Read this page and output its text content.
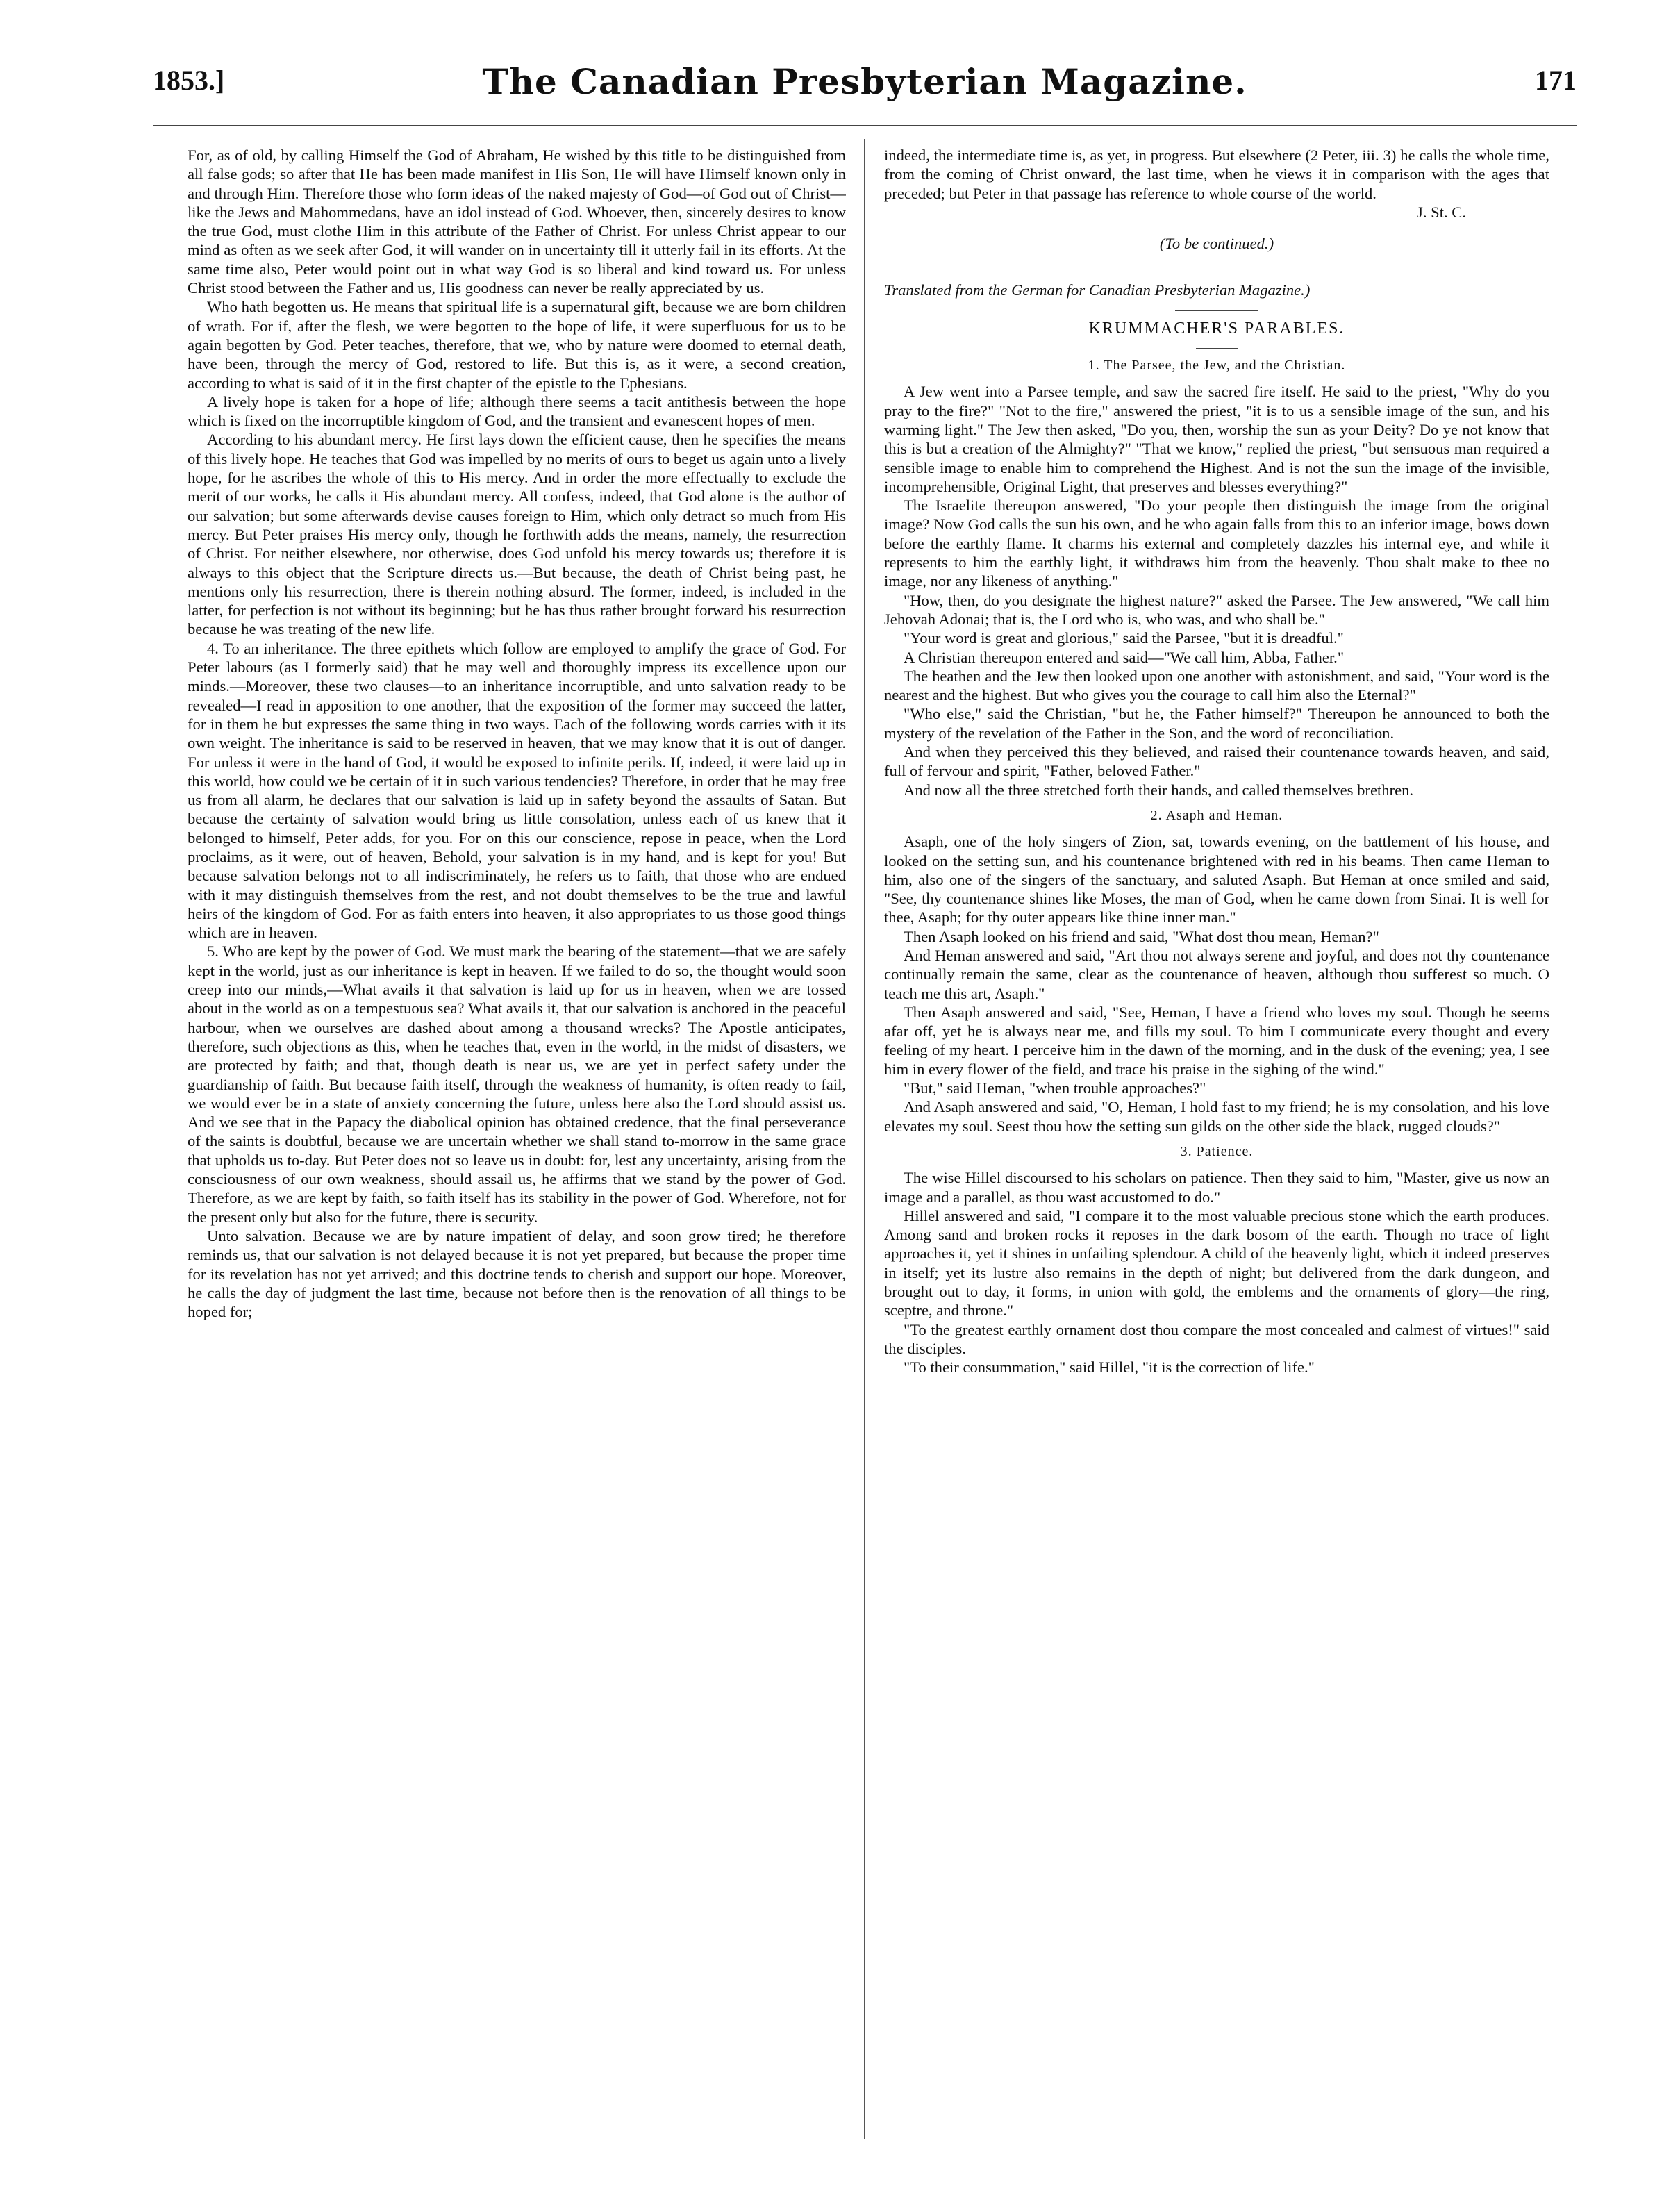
1853.]	The Canadian Presbyterian Magazine.	171

For, as of old, by calling Himself the God of Abraham, He wished by this title to be distinguished from all false gods; so after that He has been made manifest in His Son, He will have Himself known only in and through Him. Therefore those who form ideas of the naked majesty of God—of God out of Christ—like the Jews and Mahommedans, have an idol instead of God. Whoever, then, sincerely desires to know the true God, must clothe Him in this attribute of the Father of Christ. For unless Christ appear to our mind as often as we seek after God, it will wander on in uncertainty till it utterly fail in its efforts. At the same time also, Peter would point out in what way God is so liberal and kind toward us. For unless Christ stood between the Father and us, His goodness can never be really appreciated by us.

Who hath begotten us. He means that spiritual life is a supernatural gift, because we are born children of wrath. For if, after the flesh, we were begotten to the hope of life, it were superfluous for us to be again begotten by God. Peter teaches, therefore, that we, who by nature were doomed to eternal death, have been, through the mercy of God, restored to life. But this is, as it were, a second creation, according to what is said of it in the first chapter of the epistle to the Ephesians.

A lively hope is taken for a hope of life; although there seems a tacit antithesis between the hope which is fixed on the incorruptible kingdom of God, and the transient and evanescent hopes of men.

According to his abundant mercy. He first lays down the efficient cause, then he specifies the means of this lively hope. He teaches that God was impelled by no merits of ours to beget us again unto a lively hope, for he ascribes the whole of this to His mercy. And in order the more effectually to exclude the merit of our works, he calls it His abundant mercy. All confess, indeed, that God alone is the author of our salvation; but some afterwards devise causes foreign to Him, which only detract so much from His mercy. But Peter praises His mercy only, though he forthwith adds the means, namely, the resurrection of Christ. For neither elsewhere, nor otherwise, does God unfold his mercy towards us; therefore it is always to this object that the Scripture directs us.—But because, the death of Christ being past, he mentions only his resurrection, there is therein nothing absurd. The former, indeed, is included in the latter, for perfection is not without its beginning; but he has thus rather brought forward his resurrection because he was treating of the new life.

4. To an inheritance. The three epithets which follow are employed to amplify the grace of God. For Peter labours (as I formerly said) that he may well and thoroughly impress its excellence upon our minds.—Moreover, these two clauses—to an inheritance incorruptible, and unto salvation ready to be revealed—I read in apposition to one another, that the exposition of the former may succeed the latter, for in them he but expresses the same thing in two ways. Each of the following words carries with it its own weight. The inheritance is said to be reserved in heaven, that we may know that it is out of danger. For unless it were in the hand of God, it would be exposed to infinite perils. If, indeed, it were laid up in this world, how could we be certain of it in such various tendencies? Therefore, in order that he may free us from all alarm, he declares that our salvation is laid up in safety beyond the assaults of Satan. But because the certainty of salvation would bring us little consolation, unless each of us knew that it belonged to himself, Peter adds, for you. For on this our conscience, repose in peace, when the Lord proclaims, as it were, out of heaven, Behold, your salvation is in my hand, and is kept for you! But because salvation belongs not to all indiscriminately, he refers us to faith, that those who are endued with it may distinguish themselves from the rest, and not doubt themselves to be the true and lawful heirs of the kingdom of God. For as faith enters into heaven, it also appropriates to us those good things which are in heaven.

5. Who are kept by the power of God. We must mark the bearing of the statement—that we are safely kept in the world, just as our inheritance is kept in heaven. If we failed to do so, the thought would soon creep into our minds,—What avails it that salvation is laid up for us in heaven, when we are tossed about in the world as on a tempestuous sea? What avails it, that our salvation is anchored in the peaceful harbour, when we ourselves are dashed about among a thousand wrecks? The Apostle anticipates, therefore, such objections as this, when he teaches that, even in the world, in the midst of disasters, we are protected by faith; and that, though death is near us, we are yet in perfect safety under the guardianship of faith. But because faith itself, through the weakness of humanity, is often ready to fail, we would ever be in a state of anxiety concerning the future, unless here also the Lord should assist us. And we see that in the Papacy the diabolical opinion has obtained credence, that the final perseverance of the saints is doubtful, because we are uncertain whether we shall stand to-morrow in the same grace that upholds us to-day. But Peter does not so leave us in doubt: for, lest any uncertainty, arising from the consciousness of our own weakness, should assail us, he affirms that we stand by the power of God. Therefore, as we are kept by faith, so faith itself has its stability in the power of God. Wherefore, not for the present only but also for the future, there is security.

Unto salvation. Because we are by nature impatient of delay, and soon grow tired; he therefore reminds us, that our salvation is not delayed because it is not yet prepared, but because the proper time for its revelation has not yet arrived; and this doctrine tends to cherish and support our hope. Moreover, he calls the day of judgment the last time, because not before then is the renovation of all things to be hoped for;

indeed, the intermediate time is, as yet, in progress. But elsewhere (2 Peter, iii. 3) he calls the whole time, from the coming of Christ onward, the last time, when he views it in comparison with the ages that preceded; but Peter in that passage has reference to whole course of the world.

J. St. C.

(To be continued.)

Translated from the German for Canadian Presbyterian Magazine.)

KRUMMACHER'S PARABLES.
1. The Parsee, the Jew, and the Christian.

A Jew went into a Parsee temple, and saw the sacred fire itself. He said to the priest, "Why do you pray to the fire?" "Not to the fire," answered the priest, "it is to us a sensible image of the sun, and his warming light." The Jew then asked, "Do you, then, worship the sun as your Deity? Do ye not know that this is but a creation of the Almighty?" "That we know," replied the priest, "but sensuous man required a sensible image to enable him to comprehend the Highest. And is not the sun the image of the invisible, incomprehensible, Original Light, that preserves and blesses everything?"

The Israelite thereupon answered, "Do your people then distinguish the image from the original image? Now God calls the sun his own, and he who again falls from this to an inferior image, bows down before the earthly flame. It charms his external and completely dazzles his internal eye, and while it represents to him the earthly light, it withdraws him from the heavenly. Thou shalt make to thee no image, nor any likeness of anything."

"How, then, do you designate the highest nature?" asked the Parsee. The Jew answered, "We call him Jehovah Adonai; that is, the Lord who is, who was, and who shall be."

"Your word is great and glorious," said the Parsee, "but it is dreadful."

A Christian thereupon entered and said—"We call him, Abba, Father."

The heathen and the Jew then looked upon one another with astonishment, and said, "Your word is the nearest and the highest. But who gives you the courage to call him also the Eternal?"

"Who else," said the Christian, "but he, the Father himself?" Thereupon he announced to both the mystery of the revelation of the Father in the Son, and the word of reconciliation.

And when they perceived this they believed, and raised their countenance towards heaven, and said, full of fervour and spirit, "Father, beloved Father."

And now all the three stretched forth their hands, and called themselves brethren.

2. Asaph and Heman.

Asaph, one of the holy singers of Zion, sat, towards evening, on the battlement of his house, and looked on the setting sun, and his countenance brightened with red in his beams. Then came Heman to him, also one of the singers of the sanctuary, and saluted Asaph. But Heman at once smiled and said, "See, thy countenance shines like Moses, the man of God, when he came down from Sinai. It is well for thee, Asaph; for thy outer appears like thine inner man."

Then Asaph looked on his friend and said, "What dost thou mean, Heman?"

And Heman answered and said, "Art thou not always serene and joyful, and does not thy countenance continually remain the same, clear as the countenance of heaven, although thou sufferest so much. O teach me this art, Asaph."

Then Asaph answered and said, "See, Heman, I have a friend who loves my soul. Though he seems afar off, yet he is always near me, and fills my soul. To him I communicate every thought and every feeling of my heart. I perceive him in the dawn of the morning, and in the dusk of the evening; yea, I see him in every flower of the field, and trace his praise in the sighing of the wind."

"But," said Heman, "when trouble approaches?"

And Asaph answered and said, "O, Heman, I hold fast to my friend; he is my consolation, and his love elevates my soul. Seest thou how the setting sun gilds on the other side the black, rugged clouds?"

3. Patience.

The wise Hillel discoursed to his scholars on patience. Then they said to him, "Master, give us now an image and a parallel, as thou wast accustomed to do."

Hillel answered and said, "I compare it to the most valuable precious stone which the earth produces. Among sand and broken rocks it reposes in the dark bosom of the earth. Though no trace of light approaches it, yet it shines in unfailing splendour. A child of the heavenly light, which it indeed preserves in itself; yet its lustre also remains in the depth of night; but delivered from the dark dungeon, and brought out to day, it forms, in union with gold, the emblems and the ornaments of glory—the ring, sceptre, and throne."

"To the greatest earthly ornament dost thou compare the most concealed and calmest of virtues!" said the disciples.

"To their consummation," said Hillel, "it is the correction of life."
